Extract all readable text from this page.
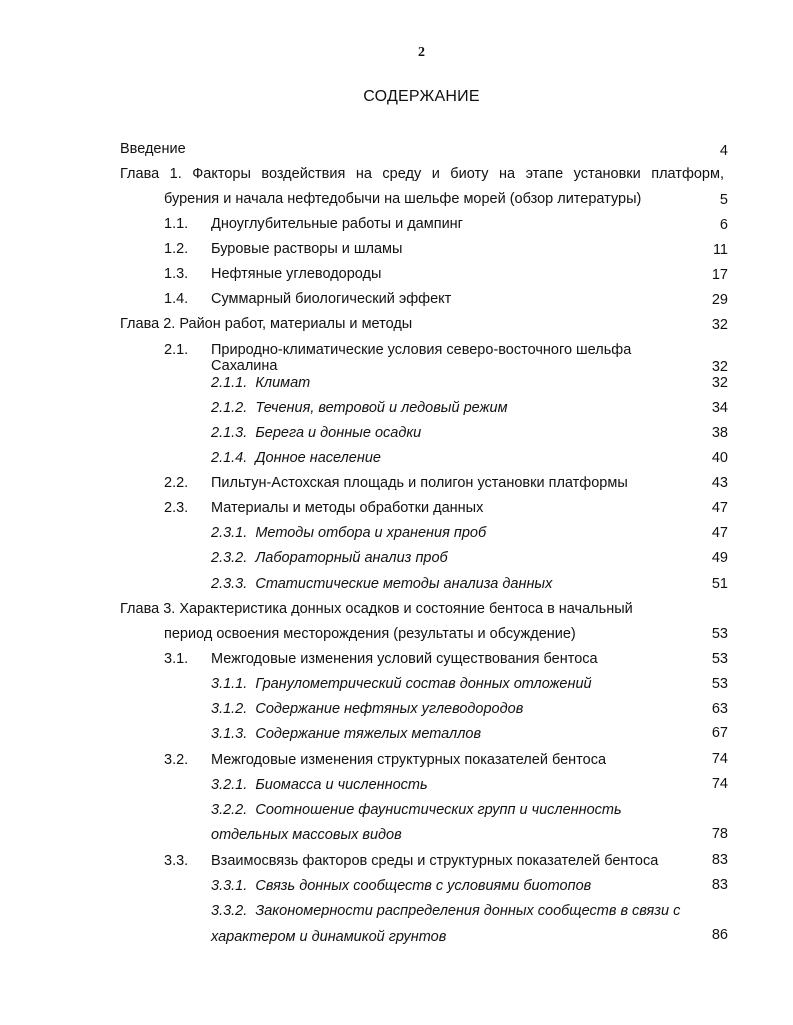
2
СОДЕРЖАНИЕ
Введение	4
Глава 1. Факторы воздействия на среду и биоту на этапе установки платформ,
бурения и начала нефтедобычи на шельфе морей (обзор литературы)	5
1.1. Дноуглубительные работы и дампинг	6
1.2. Буровые растворы и шламы	11
1.3. Нефтяные углеводороды	17
1.4. Суммарный биологический эффект	29
Глава 2. Район работ, материалы и методы	32
2.1. Природно-климатические условия северо-восточного шельфа
Сахалина	32
2.1.1. Климат	32
2.1.2. Течения, ветровой и ледовый режим	34
2.1.3. Берега и донные осадки	38
2.1.4. Донное население	40
2.2. Пильтун-Астохская площадь и полигон установки платформы	43
2.3. Материалы и методы обработки данных	47
2.3.1. Методы отбора и хранения проб	47
2.3.2. Лабораторный анализ проб	49
2.3.3. Статистические методы анализа данных	51
Глава 3. Характеристика донных осадков и состояние бентоса в начальный
период освоения месторождения (результаты и обсуждение)	53
3.1. Межгодовые изменения условий существования бентоса	53
3.1.1. Гранулометрический состав донных отложений	53
3.1.2. Содержание нефтяных углеводородов	63
3.1.3. Содержание тяжелых металлов	67
3.2. Межгодовые изменения структурных показателей бентоса	74
3.2.1. Биомасса и численность	74
3.2.2. Соотношение фаунистических групп и численность
отдельных массовых видов	78
3.3. Взаимосвязь факторов среды и структурных показателей бентоса	83
3.3.1. Связь донных сообществ с условиями биотопов	83
3.3.2. Закономерности распределения донных сообществ в связи с
характером и динамикой грунтов	86
